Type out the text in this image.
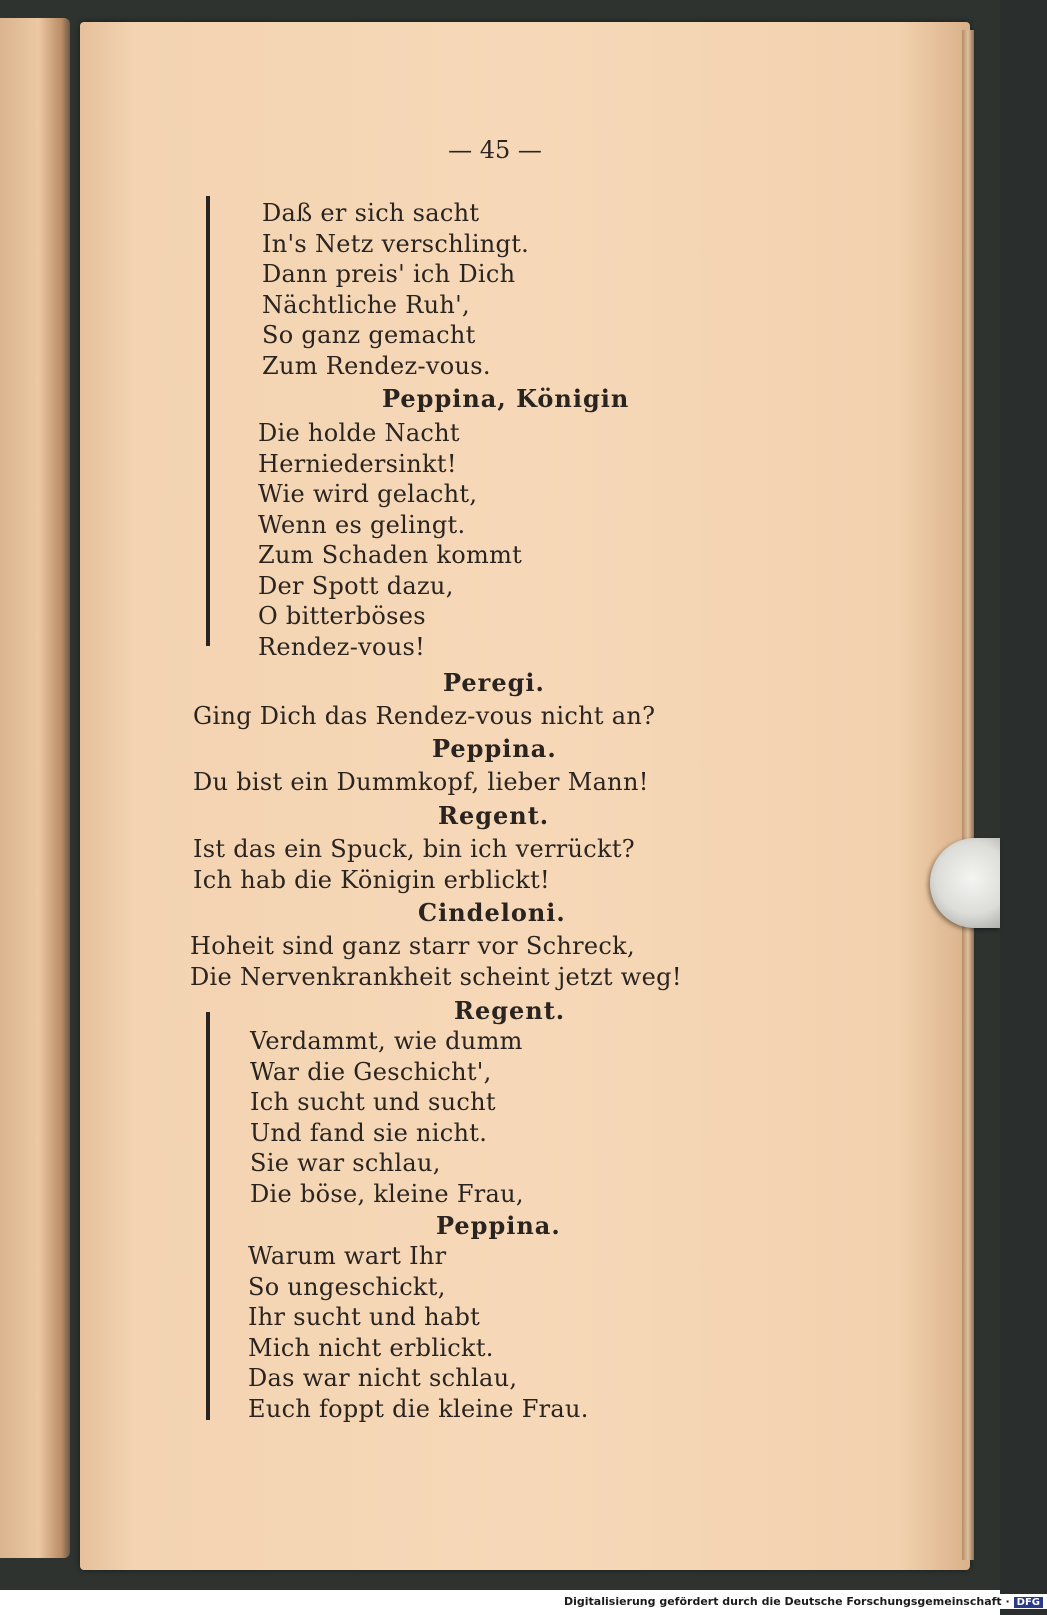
— 45 —
Daß er sich sacht
In's Netz verschlingt.
Dann preis' ich Dich
Nächtliche Ruh',
So ganz gemacht
Zum Rendez-vous.
Peppina, Königin
Die holde Nacht
Herniedersinkt!
Wie wird gelacht,
Wenn es gelingt.
Zum Schaden kommt
Der Spott dazu,
O bitterböses
Rendez-vous!
Peregi.
Ging Dich das Rendez-vous nicht an?
Peppina.
Du bist ein Dummkopf, lieber Mann!
Regent.
Ist das ein Spuck, bin ich verrückt?
Ich hab die Königin erblickt!
Cindeloni.
Hoheit sind ganz starr vor Schreck,
Die Nervenkrankheit scheint jetzt weg!
Regent.
Verdammt, wie dumm
War die Geschicht',
Ich sucht und sucht
Und fand sie nicht.
Sie war schlau,
Die böse, kleine Frau,
Peppina.
Warum wart Ihr
So ungeschickt,
Ihr sucht und habt
Mich nicht erblickt.
Das war nicht schlau,
Euch foppt die kleine Frau.
Digitalisierung gefördert durch die Deutsche Forschungsgemeinschaft · DFG
